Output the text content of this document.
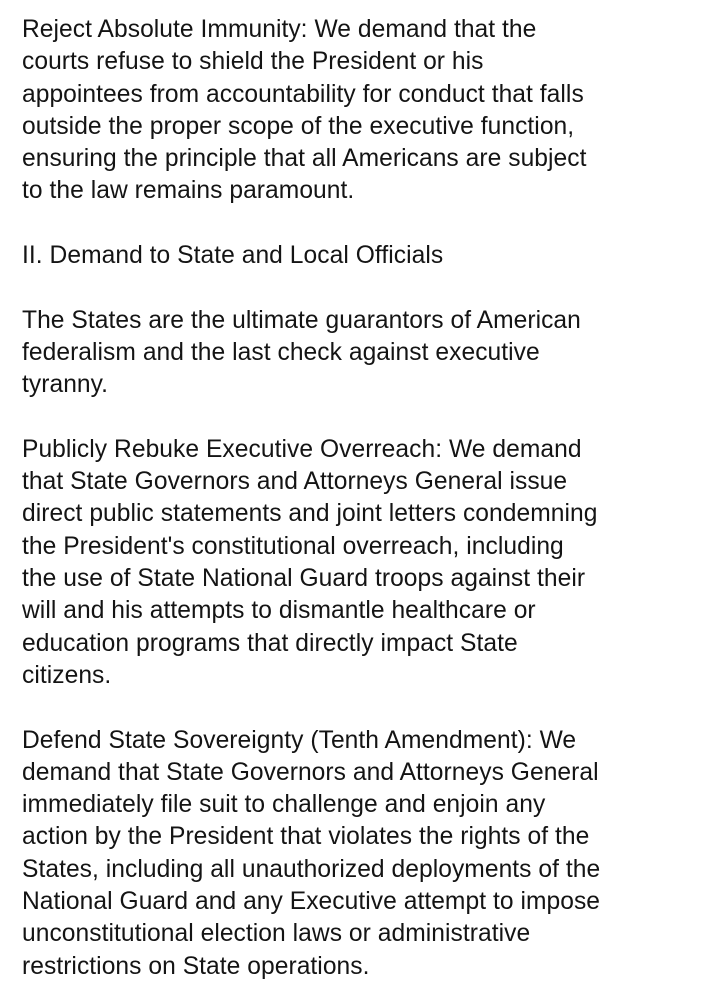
Reject Absolute Immunity: We demand that the
courts refuse to shield the President or his
appointees from accountability for conduct that falls
outside the proper scope of the executive function,
ensuring the principle that all Americans are subject
to the law remains paramount.

II. Demand to State and Local Officials

The States are the ultimate guarantors of American
federalism and the last check against executive
tyranny.

Publicly Rebuke Executive Overreach: We demand
that State Governors and Attorneys General issue
direct public statements and joint letters condemning
the President's constitutional overreach, including
the use of State National Guard troops against their
will and his attempts to dismantle healthcare or
education programs that directly impact State
citizens.

Defend State Sovereignty (Tenth Amendment): We
demand that State Governors and Attorneys General
immediately file suit to challenge and enjoin any
action by the President that violates the rights of the
States, including all unauthorized deployments of the
National Guard and any Executive attempt to impose
unconstitutional election laws or administrative
restrictions on State operations.
